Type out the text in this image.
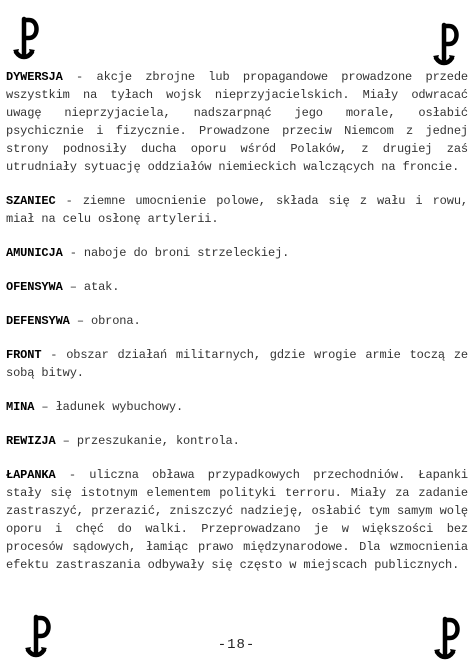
DYWERSJA - akcje zbrojne lub propagandowe prowadzone przede wszystkim na tyłach wojsk nieprzyjacielskich. Miały odwracać uwagę nieprzyjaciela, nadszarpnąć jego morale, osłabić psychicznie i fizycznie. Prowadzone przeciw Niemcom z jednej strony podnosiły ducha oporu wśród Polaków, z drugiej zaś utrudniały sytuację oddziałów niemieckich walczących na froncie.

SZANIEC - ziemne umocnienie polowe, składa się z wału i rowu, miał na celu osłonę artylerii.

AMUNICJA - naboje do broni strzeleckiej.

OFENSYWA – atak.

DEFENSYWA – obrona.

FRONT - obszar działań militarnych, gdzie wrogie armie toczą ze sobą bitwy.

MINA – ładunek wybuchowy.

REWIZJA – przeszukanie, kontrola.

ŁAPANKA - uliczna obława przypadkowych przechodniów. Łapanki stały się istotnym elementem polityki terroru. Miały za zadanie zastraszyć, przerazić, zniszczyć nadzieję, osłabić tym samym wolę oporu i chęć do walki. Przeprowadzano je w większości bez procesów sądowych, łamiąc prawo międzynarodowe. Dla wzmocnienia efektu zastraszania odbywały się często w miejscach publicznych.

-18-
